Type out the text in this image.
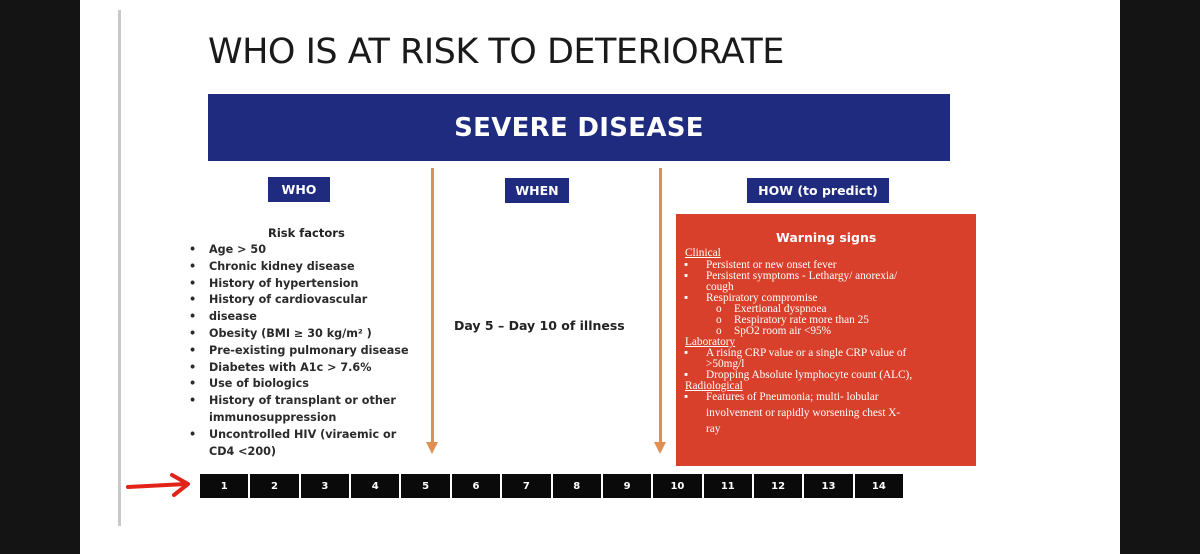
WHO IS AT RISK TO DETERIORATE
SEVERE DISEASE
WHO	WHEN	HOW (to predict)
Risk factors
• Age > 50
• Chronic kidney disease
• History of hypertension
• History of cardiovascular
• disease
• Obesity (BMI ≥ 30 kg/m² )
• Pre-existing pulmonary disease
• Diabetes with A1c > 7.6%
• Use of biologics
• History of transplant or other
immunosuppression
• Uncontrolled HIV (viraemic or
CD4 <200)
Day 5 – Day 10 of illness
Warning signs
Clinical
▪ Persistent or new onset fever
▪ Persistent symptoms - Lethargy/ anorexia/
cough
▪ Respiratory compromise
o Exertional dyspnoea
o Respiratory rate more than 25
o SpO2 room air <95%
Laboratory
▪ A rising CRP value or a single CRP value of
>50mg/l
▪ Dropping Absolute lymphocyte count (ALC),
Radiological
▪ Features of Pneumonia; multi- lobular
involvement or rapidly worsening chest X-
ray
1	2	3	4	5	6	7	8	9	10	11	12	13	14
